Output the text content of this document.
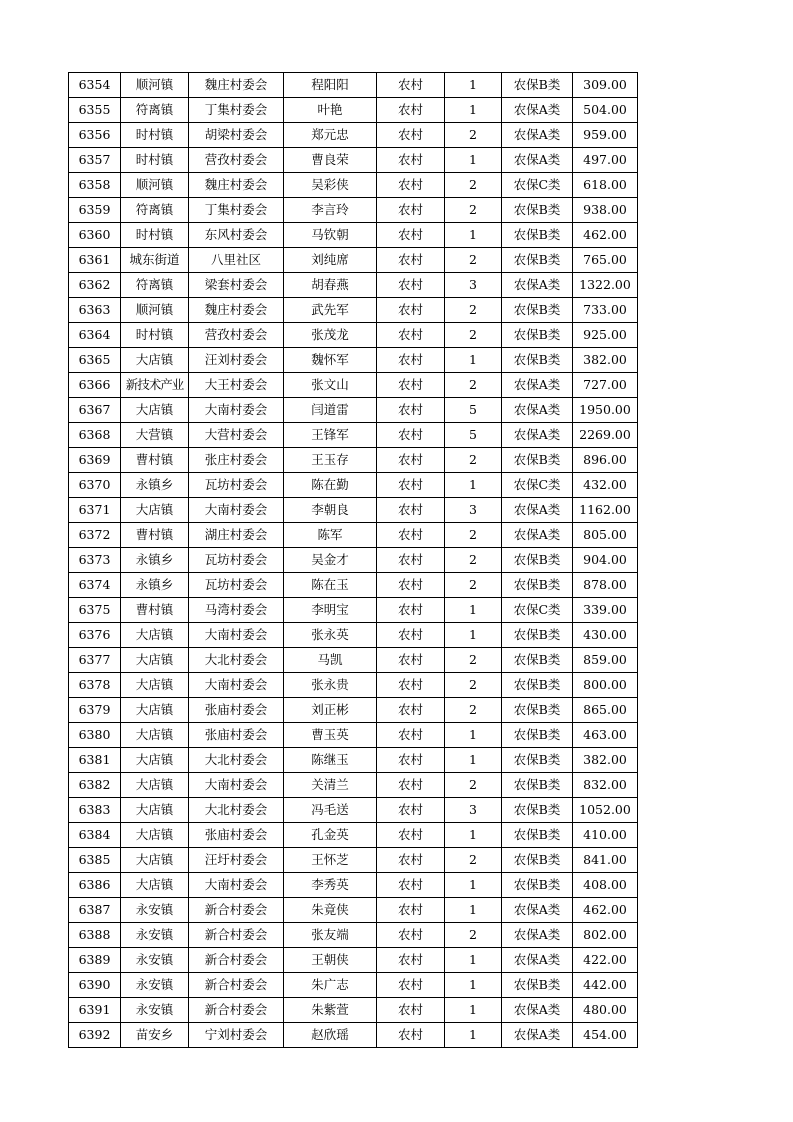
6354	顺河镇	魏庄村委会	程阳阳	农村	1	农保B类	309.00
6355	符离镇	丁集村委会	叶艳	农村	1	农保A类	504.00
6356	时村镇	胡梁村委会	郑元忠	农村	2	农保A类	959.00
6357	时村镇	营孜村委会	曹良荣	农村	1	农保A类	497.00
6358	顺河镇	魏庄村委会	吴彩侠	农村	2	农保C类	618.00
6359	符离镇	丁集村委会	李言玲	农村	2	农保B类	938.00
6360	时村镇	东风村委会	马钦朝	农村	1	农保B类	462.00
6361	城东街道	八里社区	刘纯席	农村	2	农保B类	765.00
6362	符离镇	梁套村委会	胡春燕	农村	3	农保A类	1322.00
6363	顺河镇	魏庄村委会	武先军	农村	2	农保B类	733.00
6364	时村镇	营孜村委会	张茂龙	农村	2	农保B类	925.00
6365	大店镇	汪刘村委会	魏怀军	农村	1	农保B类	382.00
6366	新技术产业	大王村委会	张文山	农村	2	农保A类	727.00
6367	大店镇	大南村委会	闫道雷	农村	5	农保A类	1950.00
6368	大营镇	大营村委会	王锋军	农村	5	农保A类	2269.00
6369	曹村镇	张庄村委会	王玉存	农村	2	农保B类	896.00
6370	永镇乡	瓦坊村委会	陈在勤	农村	1	农保C类	432.00
6371	大店镇	大南村委会	李朝良	农村	3	农保A类	1162.00
6372	曹村镇	湖庄村委会	陈军	农村	2	农保A类	805.00
6373	永镇乡	瓦坊村委会	吴金才	农村	2	农保B类	904.00
6374	永镇乡	瓦坊村委会	陈在玉	农村	2	农保B类	878.00
6375	曹村镇	马湾村委会	李明宝	农村	1	农保C类	339.00
6376	大店镇	大南村委会	张永英	农村	1	农保B类	430.00
6377	大店镇	大北村委会	马凯	农村	2	农保B类	859.00
6378	大店镇	大南村委会	张永贵	农村	2	农保B类	800.00
6379	大店镇	张庙村委会	刘正彬	农村	2	农保B类	865.00
6380	大店镇	张庙村委会	曹玉英	农村	1	农保B类	463.00
6381	大店镇	大北村委会	陈继玉	农村	1	农保B类	382.00
6382	大店镇	大南村委会	关清兰	农村	2	农保B类	832.00
6383	大店镇	大北村委会	冯毛送	农村	3	农保B类	1052.00
6384	大店镇	张庙村委会	孔金英	农村	1	农保B类	410.00
6385	大店镇	汪圩村委会	王怀芝	农村	2	农保B类	841.00
6386	大店镇	大南村委会	李秀英	农村	1	农保B类	408.00
6387	永安镇	新合村委会	朱竟侠	农村	1	农保A类	462.00
6388	永安镇	新合村委会	张友端	农村	2	农保A类	802.00
6389	永安镇	新合村委会	王朝侠	农村	1	农保A类	422.00
6390	永安镇	新合村委会	朱广志	农村	1	农保B类	442.00
6391	永安镇	新合村委会	朱紫萱	农村	1	农保A类	480.00
6392	苗安乡	宁刘村委会	赵欣瑶	农村	1	农保A类	454.00
